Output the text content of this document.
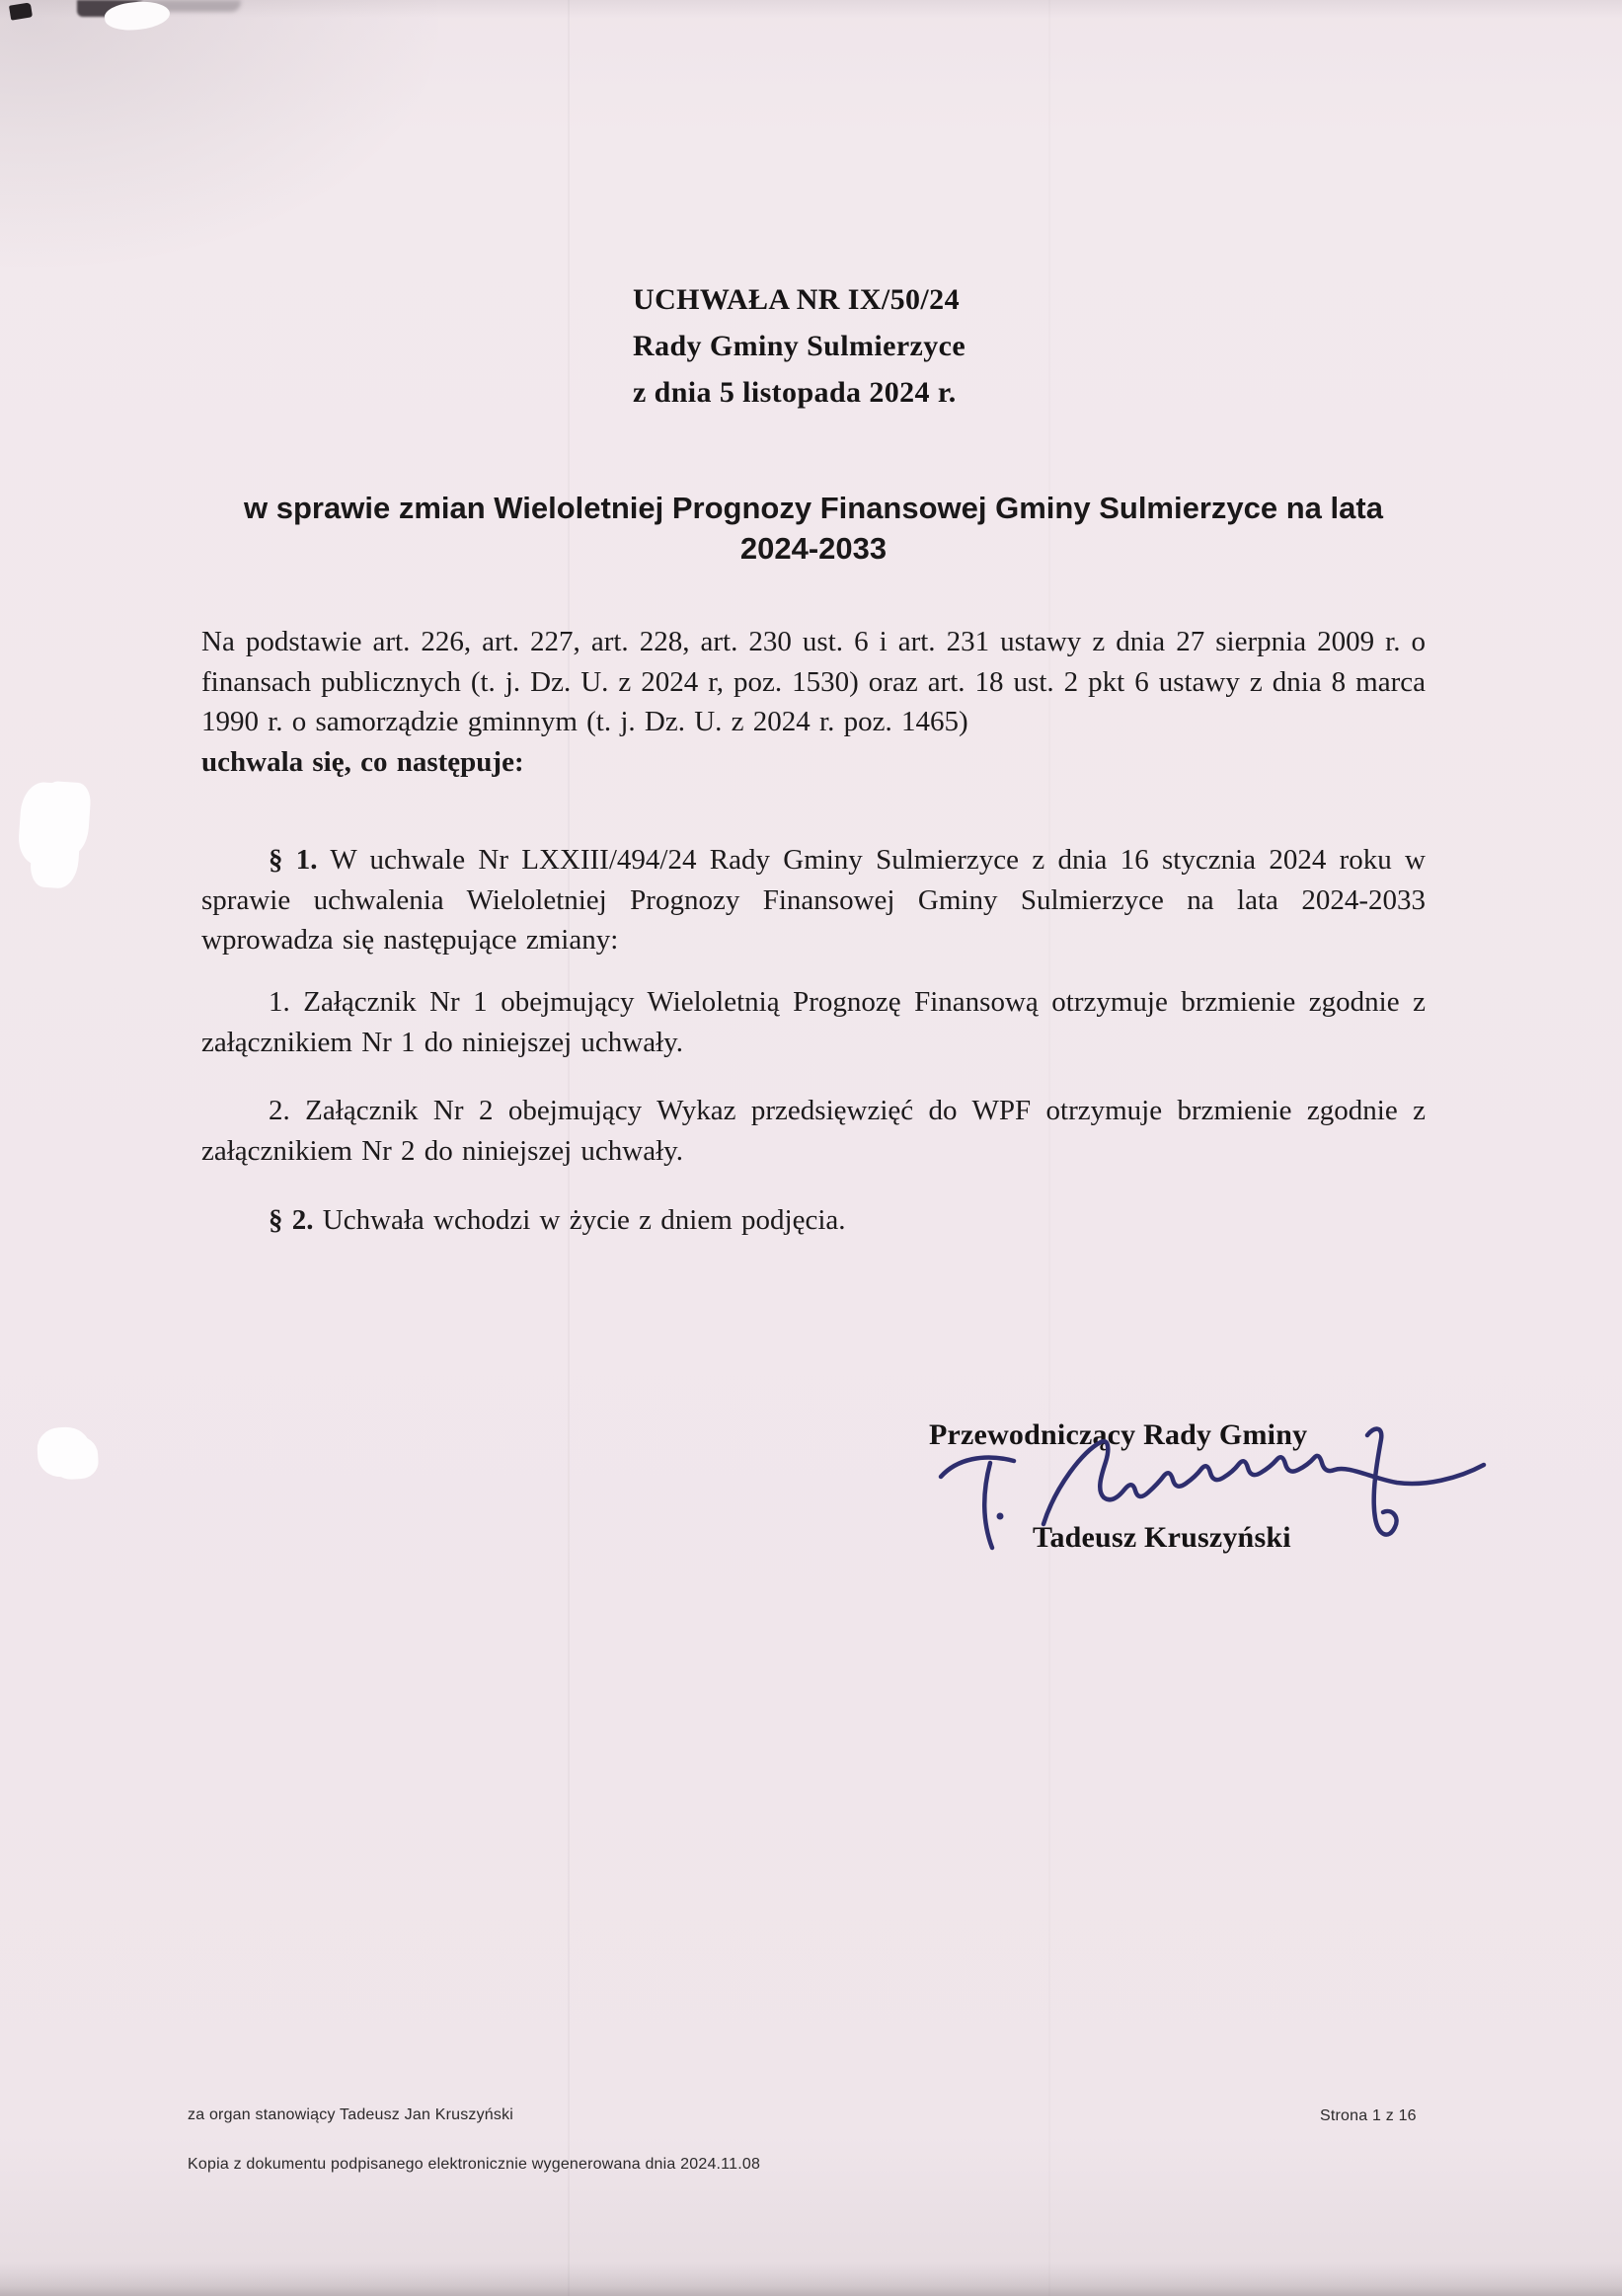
UCHWAŁA NR IX/50/24
Rady Gminy Sulmierzyce
z dnia 5 listopada 2024 r.
w sprawie zmian Wieloletniej Prognozy Finansowej Gminy Sulmierzyce na lata 2024-2033

Na podstawie art. 226, art. 227, art. 228, art. 230 ust. 6 i art. 231 ustawy z dnia 27 sierpnia 2009 r. o finansach publicznych (t. j. Dz. U. z 2024 r, poz. 1530) oraz art. 18 ust. 2 pkt 6 ustawy z dnia 8 marca 1990 r. o samorządzie gminnym (t. j. Dz. U. z 2024 r. poz. 1465)

uchwala się, co następuje:

§ 1. W uchwale Nr LXXIII/494/24 Rady Gminy Sulmierzyce z dnia 16 stycznia 2024 roku w sprawie uchwalenia Wieloletniej Prognozy Finansowej Gminy Sulmierzyce na lata 2024-2033 wprowadza się następujące zmiany:

1. Załącznik Nr 1 obejmujący Wieloletnią Prognozę Finansową otrzymuje brzmienie zgodnie z załącznikiem Nr 1 do niniejszej uchwały.

2. Załącznik Nr 2 obejmujący Wykaz przedsięwzięć do WPF otrzymuje brzmienie zgodnie z załącznikiem Nr 2 do niniejszej uchwały.

§ 2. Uchwała wchodzi w życie z dniem podjęcia.

Przewodniczący Rady Gminy
Tadeusz Kruszyński
za organ stanowiący Tadeusz Jan Kruszyński
Kopia z dokumentu podpisanego elektronicznie wygenerowana dnia 2024.11.08
Strona 1 z 16
